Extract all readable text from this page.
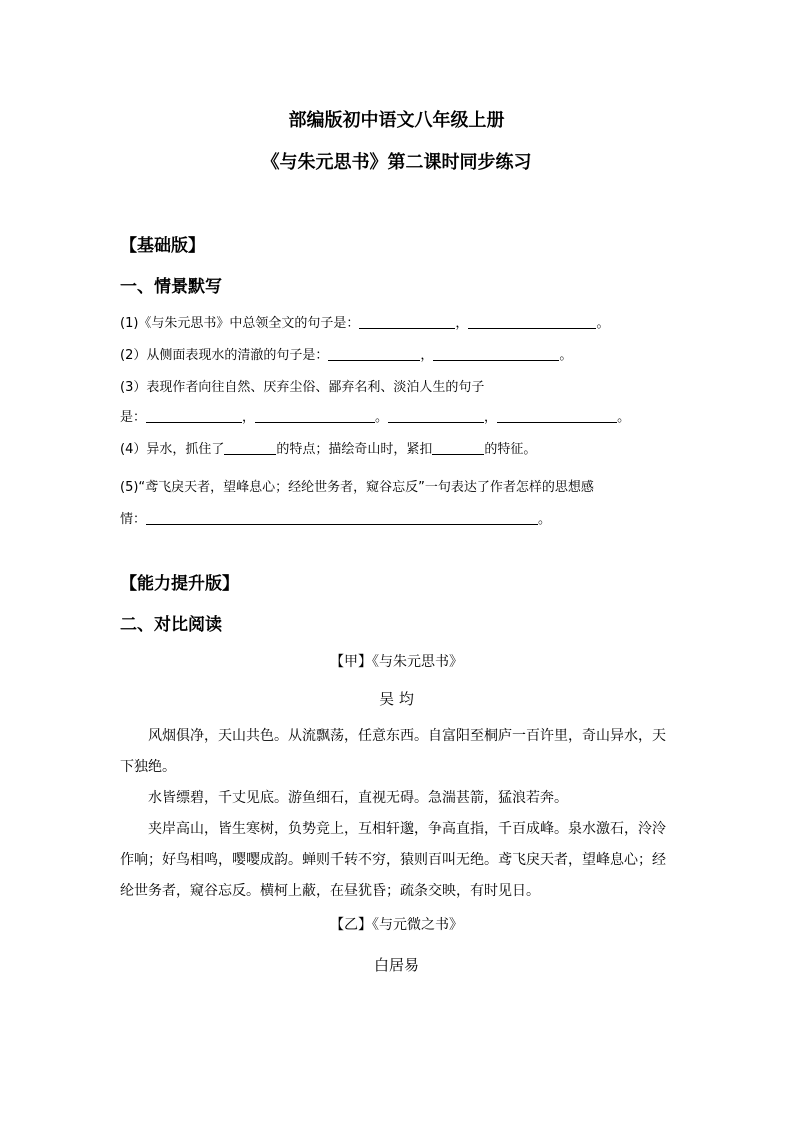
部编版初中语文八年级上册
《与朱元思书》第二课时同步练习
【基础版】
一、情景默写
(1)《与朱元思书》中总领全文的句子是：	，	。
(2）从侧面表现水的清澈的句子是：	，	。
(3）表现作者向往自然、厌弃尘俗、鄙弃名利、淡泊人生的句子
是：	，	。	，	。
(4）异水，抓住了	的特点；描绘奇山时，紧扣	的特征。
(5)“鸢飞戾天者，望峰息心；经纶世务者，窥谷忘反”一句表达了作者怎样的思想感
情：	。
【能力提升版】
二、对比阅读
【甲】《与朱元思书》
吴 均
风烟俱净，天山共色。从流飘荡，任意东西。自富阳至桐庐一百许里，奇山异水，天下独绝。
水皆缥碧，千丈见底。游鱼细石，直视无碍。急湍甚箭，猛浪若奔。
夹岸高山，皆生寒树，负势竞上，互相轩邈，争高直指，千百成峰。泉水激石，泠泠作响；好鸟相鸣，嘤嘤成韵。蝉则千转不穷，猿则百叫无绝。鸢飞戾天者，望峰息心；经纶世务者，窥谷忘反。横柯上蔽，在昼犹昏；疏条交映，有时见日。
【乙】《与元微之书》
白居易
